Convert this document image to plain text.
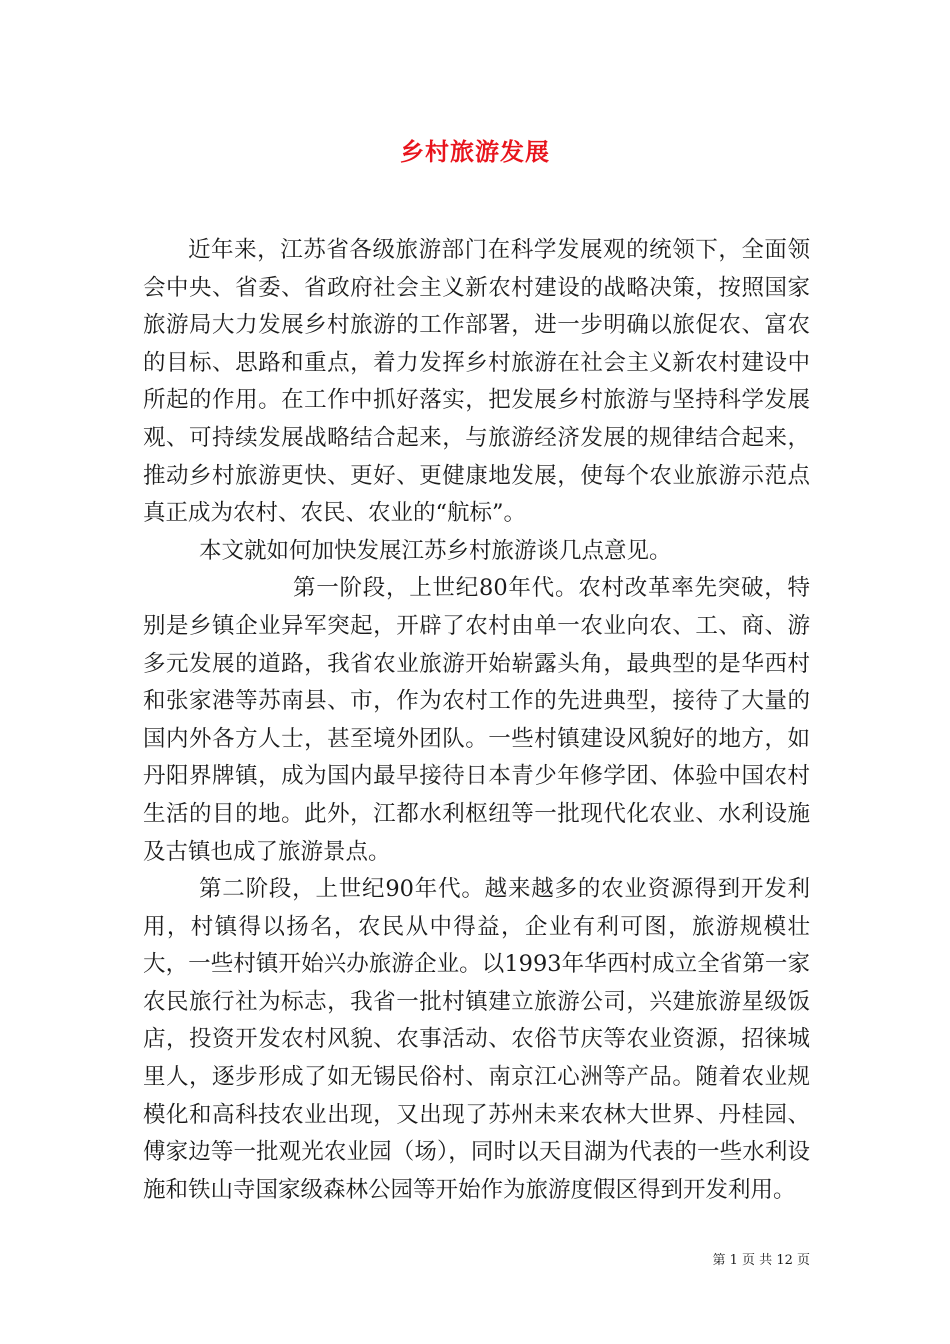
乡村旅游发展

近年来，江苏省各级旅游部门在科学发展观的统领下，全面领会中央、省委、省政府社会主义新农村建设的战略决策，按照国家旅游局大力发展乡村旅游的工作部署，进一步明确以旅促农、富农的目标、思路和重点，着力发挥乡村旅游在社会主义新农村建设中所起的作用。在工作中抓好落实，把发展乡村旅游与坚持科学发展观、可持续发展战略结合起来，与旅游经济发展的规律结合起来，推动乡村旅游更快、更好、更健康地发展，使每个农业旅游示范点真正成为农村、农民、农业的“航标”。

本文就如何加快发展江苏乡村旅游谈几点意见。

第一阶段，上世纪80年代。农村改革率先突破，特别是乡镇企业异军突起，开辟了农村由单一农业向农、工、商、游多元发展的道路，我省农业旅游开始崭露头角，最典型的是华西村和张家港等苏南县、市，作为农村工作的先进典型，接待了大量的国内外各方人士，甚至境外团队。一些村镇建设风貌好的地方，如丹阳界牌镇，成为国内最早接待日本青少年修学团、体验中国农村生活的目的地。此外，江都水利枢纽等一批现代化农业、水利设施及古镇也成了旅游景点。

第二阶段，上世纪90年代。越来越多的农业资源得到开发利用，村镇得以扬名，农民从中得益，企业有利可图，旅游规模壮大，一些村镇开始兴办旅游企业。以1993年华西村成立全省第一家农民旅行社为标志，我省一批村镇建立旅游公司，兴建旅游星级饭店，投资开发农村风貌、农事活动、农俗节庆等农业资源，招徕城里人，逐步形成了如无锡民俗村、南京江心洲等产品。随着农业规模化和高科技农业出现，又出现了苏州未来农林大世界、丹桂园、傅家边等一批观光农业园（场），同时以天目湖为代表的一些水利设施和铁山寺国家级森林公园等开始作为旅游度假区得到开发利用。

第 1 页 共 12 页
